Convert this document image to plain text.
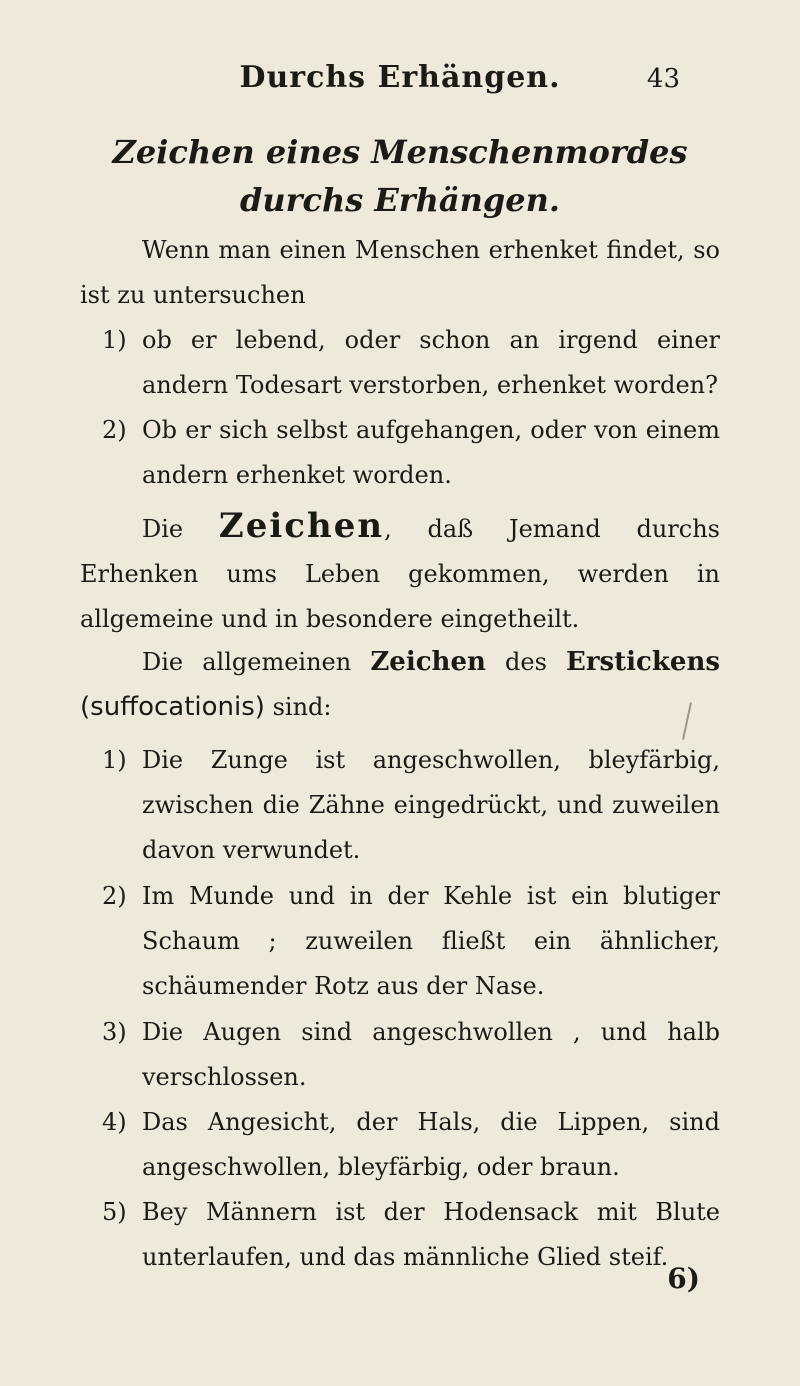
Durchs Erhängen.	43
Zeichen eines Menschenmordes durchs Erhängen.
Wenn man einen Menschen erhenket findet, so ist zu untersuchen
1) ob er lebend, oder schon an irgend einer andern Todesart verstorben, erhenket worden?
2) Ob er sich selbst aufgehangen, oder von einem andern erhenket worden.
Die Zeichen, daß Jemand durchs Erhenken ums Leben gekommen, werden in allgemeine und in besondere eingetheilt.
Die allgemeinen Zeichen des Erstickens (suffocationis) sind:
1) Die Zunge ist angeschwollen, bleyfärbig, zwischen die Zähne eingedrückt, und zuweilen davon verwundet.
2) Im Munde und in der Kehle ist ein blutiger Schaum ; zuweilen fließt ein ähnlicher, schäumender Rotz aus der Nase.
3) Die Augen sind angeschwollen , und halb verschlossen.
4) Das Angesicht, der Hals, die Lippen, sind angeschwollen, bleyfärbig, oder braun.
5) Bey Männern ist der Hodensack mit Blute unterlaufen, und das männliche Glied steif.
6)
